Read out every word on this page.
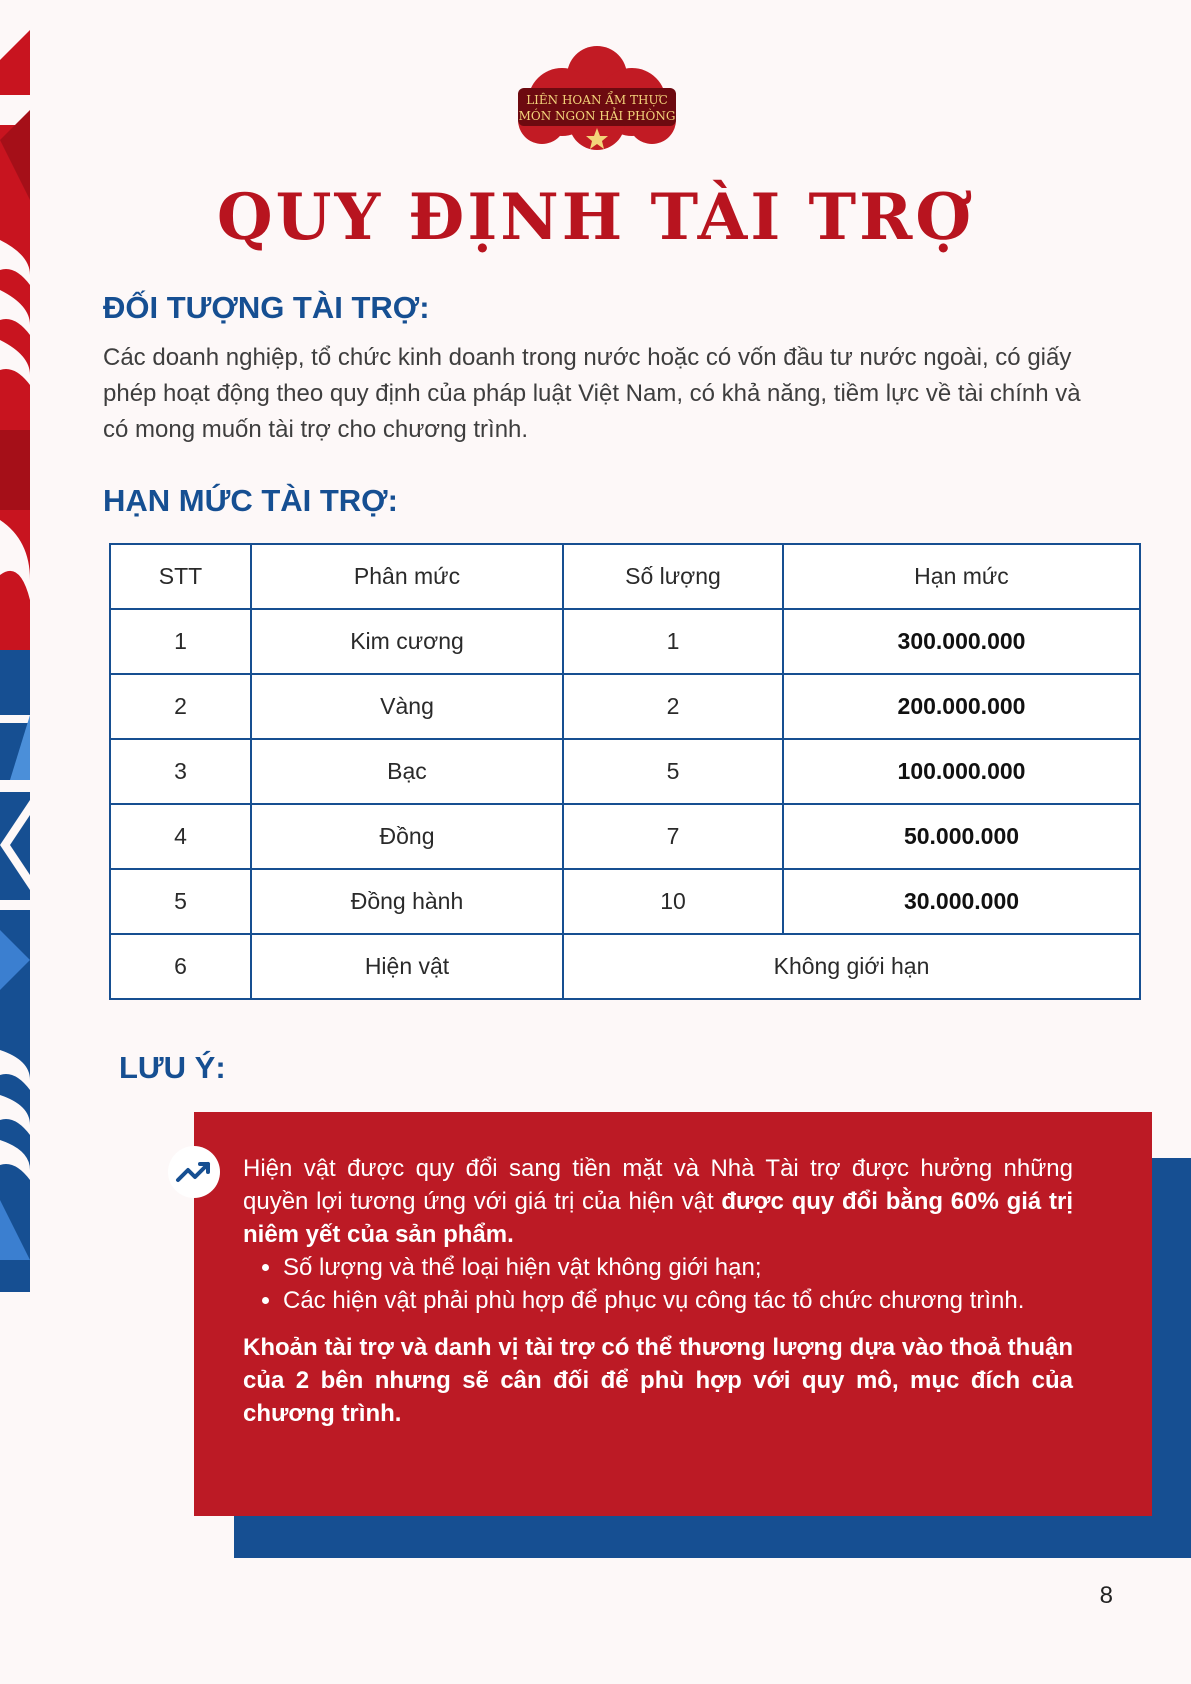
LIÊN HOAN ẨM THỰC
MÓN NGON HẢI PHÒNG
QUY ĐỊNH TÀI TRỢ
ĐỐI TƯỢNG TÀI TRỢ:

Các doanh nghiệp, tổ chức kinh doanh trong nước hoặc có vốn đầu tư nước ngoài, có giấy phép hoạt động theo quy định của pháp luật Việt Nam, có khả năng, tiềm lực về tài chính và có mong muốn tài trợ cho chương trình.

HẠN MỨC TÀI TRỢ:
STT	Phân mức	Số lượng	Hạn mức
1	Kim cương	1	300.000.000
2	Vàng	2	200.000.000
3	Bạc	5	100.000.000
4	Đồng	7	50.000.000
5	Đồng hành	10	30.000.000
6	Hiện vật	Không giới hạn	
LƯU Ý:

Hiện vật được quy đổi sang tiền mặt và Nhà Tài trợ được hưởng những quyền lợi tương ứng với giá trị của hiện vật được quy đổi bằng 60% giá trị niêm yết của sản phẩm.

• Số lượng và thể loại hiện vật không giới hạn;
• Các hiện vật phải phù hợp để phục vụ công tác tổ chức chương trình.

Khoản tài trợ và danh vị tài trợ có thể thương lượng dựa vào thoả thuận của 2 bên nhưng sẽ cân đối để phù hợp với quy mô, mục đích của chương trình.

8
